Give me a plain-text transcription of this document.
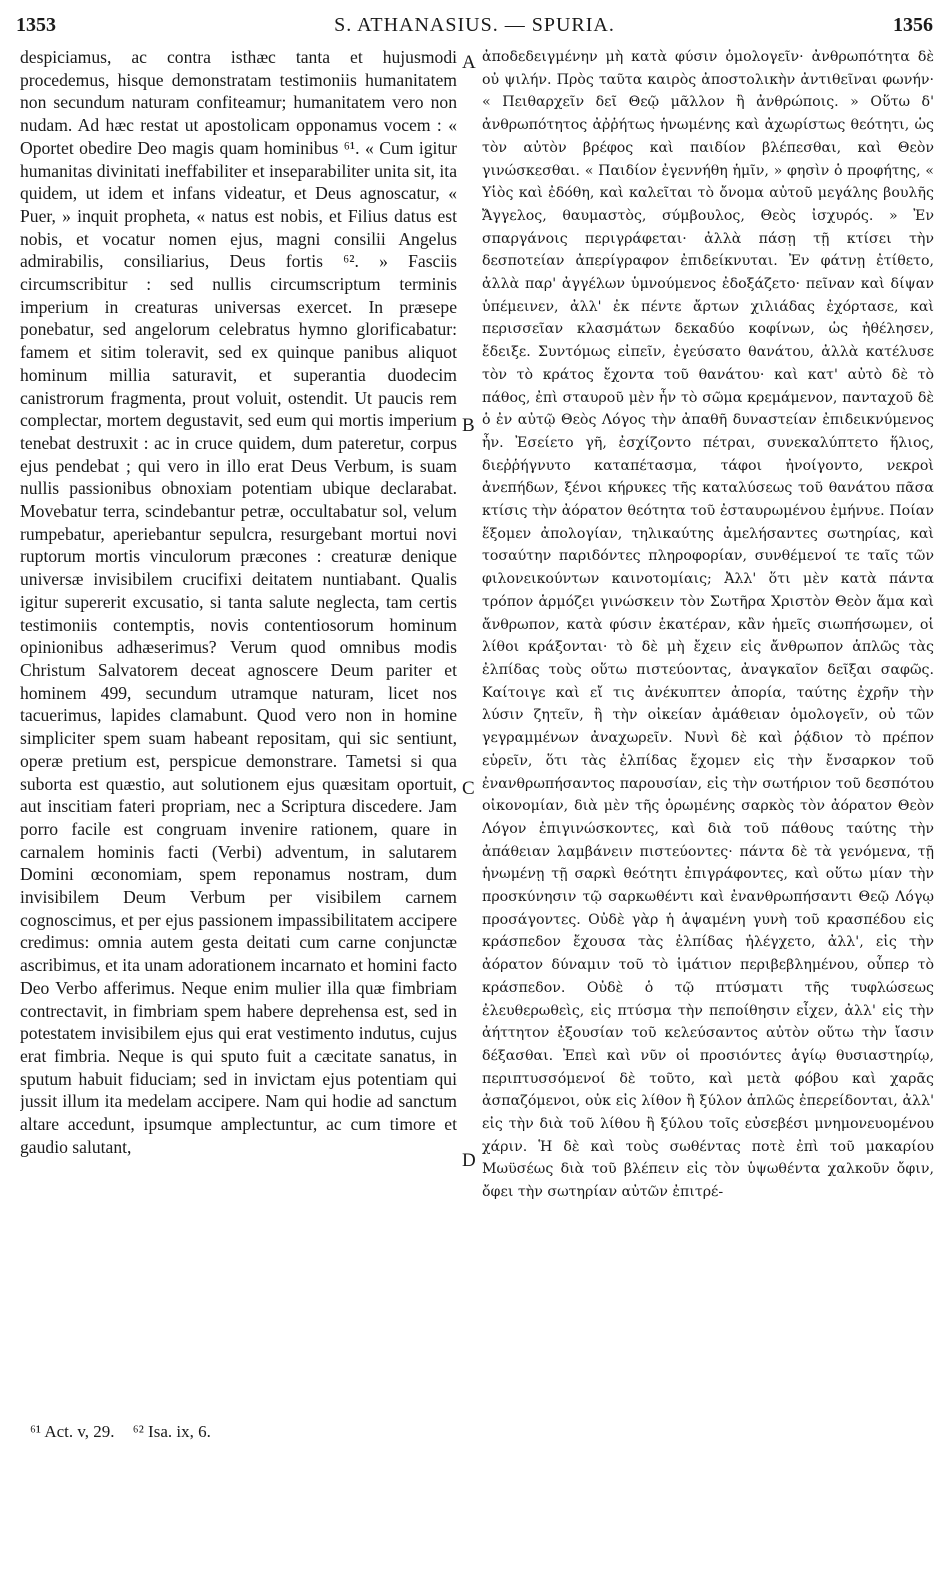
1353	S. ATHANASIUS. — SPURIA.	1356

despiciamus, ac contra isthæc tanta et hujusmodi procedemus, hisque demonstratam testimoniis humanitatem non secundum naturam confiteamur; humanitatem vero non nudam. Ad hæc restat ut apostolicam opponamus vocem : « Oportet obedire Deo magis quam hominibus ⁶¹. « Cum igitur humanitas divinitati ineffabiliter et inseparabiliter unita sit, ita quidem, ut idem et infans videatur, et Deus agnoscatur, « Puer, » inquit propheta, « natus est nobis, et Filius datus est nobis, et vocatur nomen ejus, magni consilii Angelus admirabilis, consiliarius, Deus fortis ⁶². » Fasciis circumscribitur : sed nullis circumscriptum terminis imperium in creaturas universas exercet. In præsepe ponebatur, sed angelorum celebratus hymno glorificabatur: famem et sitim toleravit, sed ex quinque panibus aliquot hominum millia saturavit, et superantia duodecim canistrorum fragmenta, prout voluit, ostendit. Ut paucis rem complectar, mortem degustavit, sed eum qui mortis imperium tenebat destruxit : ac in cruce quidem, dum pateretur, corpus ejus pendebat ; qui vero in illo erat Deus Verbum, is suam nullis passionibus obnoxiam potentiam ubique declarabat. Movebatur terra, scindebantur petræ, occultabatur sol, velum rumpebatur, aperiebantur sepulcra, resurgebant mortui novi ruptorum mortis vinculorum præcones : creaturæ denique universæ invisibilem crucifixi deitatem nuntiabant. Qualis igitur supererit excusatio, si tanta salute neglecta, tam certis testimoniis contemptis, novis contentiosorum hominum opinionibus adhæserimus? Verum quod omnibus modis Christum Salvatorem deceat agnoscere Deum pariter et hominem 499, secundum utramque naturam, licet nos tacuerimus, lapides clamabunt. Quod vero non in homine simpliciter spem suam habeant repositam, qui sic sentiunt, operæ pretium est, perspicue demonstrare. Tametsi si qua suborta est quæstio, aut solutionem ejus quæsitam oportuit, aut inscitiam fateri propriam, nec a Scriptura discedere. Jam porro facile est congruam invenire rationem, quare in carnalem hominis facti (Verbi) adventum, in salutarem Domini œconomiam, spem reponamus nostram, dum invisibilem Deum Verbum per visibilem carnem cognoscimus, et per ejus passionem impassibilitatem accipere credimus: omnia autem gesta deitati cum carne conjunctæ ascribimus, et ita unam adorationem incarnato et homini facto Deo Verbo afferimus. Neque enim mulier illa quæ fimbriam contrectavit, in fimbriam spem habere deprehensa est, sed in potestatem invisibilem ejus qui erat vestimento indutus, cujus erat fimbria. Neque is qui sputo fuit a cæcitate sanatus, in sputum habuit fiduciam; sed in invictam ejus potentiam qui jussit illum ita medelam accipere. Nam qui hodie ad sanctum altare accedunt, ipsumque amplectuntur, ac cum timore et gaudio salutant,

A
B
C
D

ἀποδεδειγμένην μὴ κατὰ φύσιν ὁμολογεῖν· ἀνθρωπότητα δὲ οὐ ψιλήν. Πρὸς ταῦτα καιρὸς ἀποστολικὴν ἀντιθεῖναι φωνήν· « Πειθαρχεῖν δεῖ Θεῷ μᾶλλον ἢ ἀνθρώποις. » Οὕτω δ' ἀνθρωπότητος ἀῤῥήτως ἡνωμένης καὶ ἀχωρίστως θεότητι, ὡς τὸν αὐτὸν βρέφος καὶ παιδίον βλέπεσθαι, καὶ Θεὸν γινώσκεσθαι. « Παιδίον ἐγεννήθη ἡμῖν, » φησὶν ὁ προφήτης, « Υἱὸς καὶ ἐδόθη, καὶ καλεῖται τὸ ὄνομα αὐτοῦ μεγάλης βουλῆς Ἄγγελος, θαυμαστὸς, σύμβουλος, Θεὸς ἰσχυρός. » Ἐν σπαργάνοις περιγράφεται· ἀλλὰ πάσῃ τῇ κτίσει τὴν δεσποτείαν ἀπερίγραφον ἐπιδείκνυται. Ἐν φάτνῃ ἐτίθετο, ἀλλὰ παρ' ἀγγέλων ὑμνούμενος ἐδοξάζετο· πεῖναν καὶ δίψαν ὑπέμεινεν, ἀλλ' ἐκ πέντε ἄρτων χιλιάδας ἐχόρτασε, καὶ περισσεῖαν κλασμάτων δεκαδύο κοφίνων, ὡς ἠθέλησεν, ἔδειξε. Συντόμως εἰπεῖν, ἐγεύσατο θανάτου, ἀλλὰ κατέλυσε τὸν τὸ κράτος ἔχοντα τοῦ θανάτου· καὶ κατ' αὐτὸ δὲ τὸ πάθος, ἐπὶ σταυροῦ μὲν ἦν τὸ σῶμα κρεμάμενον, πανταχοῦ δὲ ὁ ἐν αὐτῷ Θεὸς Λόγος τὴν ἀπαθῆ δυναστείαν ἐπιδεικνύμενος ἦν. Ἐσείετο γῆ, ἐσχίζοντο πέτραι, συνεκαλύπτετο ἥλιος, διεῤῥήγνυτο καταπέτασμα, τάφοι ἠνοίγοντο, νεκροὶ ἀνεπήδων, ξένοι κήρυκες τῆς καταλύσεως τοῦ θανάτου πᾶσα κτίσις τὴν ἀόρατον θεότητα τοῦ ἐσταυρωμένου ἐμήνυε. Ποίαν ἕξομεν ἀπολογίαν, τηλικαύτης ἀμελήσαντες σωτηρίας, καὶ τοσαύτην παριδόντες πληροφορίαν, συνθέμενοί τε ταῖς τῶν φιλονεικούντων καινοτομίαις; Ἀλλ' ὅτι μὲν κατὰ πάντα τρόπον ἁρμόζει γινώσκειν τὸν Σωτῆρα Χριστὸν Θεὸν ἅμα καὶ ἄνθρωπον, κατὰ φύσιν ἑκατέραν, κἂν ἡμεῖς σιωπήσωμεν, οἱ λίθοι κράξονται· τὸ δὲ μὴ ἔχειν εἰς ἄνθρωπον ἁπλῶς τὰς ἐλπίδας τοὺς οὕτω πιστεύοντας, ἀναγκαῖον δεῖξαι σαφῶς. Καίτοιγε καὶ εἴ τις ἀνέκυπτεν ἀπορία, ταύτης ἐχρῆν τὴν λύσιν ζητεῖν, ἢ τὴν οἰκείαν ἀμάθειαν ὁμολογεῖν, οὐ τῶν γεγραμμένων ἀναχωρεῖν. Νυνὶ δὲ καὶ ῥᾴδιον τὸ πρέπον εὑρεῖν, ὅτι τὰς ἐλπίδας ἔχομεν εἰς τὴν ἔνσαρκον τοῦ ἐνανθρωπήσαντος παρουσίαν, εἰς τὴν σωτήριον τοῦ δεσπότου οἰκονομίαν, διὰ μὲν τῆς ὁρωμένης σαρκὸς τὸν ἀόρατον Θεὸν Λόγον ἐπιγινώσκοντες, καὶ διὰ τοῦ πάθους ταύτης τὴν ἀπάθειαν λαμβάνειν πιστεύοντες· πάντα δὲ τὰ γενόμενα, τῇ ἡνωμένῃ τῇ σαρκὶ θεότητι ἐπιγράφοντες, καὶ οὕτω μίαν τὴν προσκύνησιν τῷ σαρκωθέντι καὶ ἐνανθρωπήσαντι Θεῷ Λόγῳ προσάγοντες. Οὐδὲ γὰρ ἡ ἁψαμένη γυνὴ τοῦ κρασπέδου εἰς κράσπεδον ἔχουσα τὰς ἐλπίδας ἠλέγχετο, ἀλλ', εἰς τὴν ἀόρατον δύναμιν τοῦ τὸ ἱμάτιον περιβεβλημένου, οὗπερ τὸ κράσπεδον. Οὐδὲ ὁ τῷ πτύσματι τῆς τυφλώσεως ἐλευθερωθεὶς, εἰς πτύσμα τὴν πεποίθησιν εἶχεν, ἀλλ' εἰς τὴν ἀήττητον ἐξουσίαν τοῦ κελεύσαντος αὐτὸν οὕτω τὴν ἴασιν δέξασθαι. Ἐπεὶ καὶ νῦν οἱ προσιόντες ἁγίῳ θυσιαστηρίῳ, περιπτυσσόμενοί δὲ τοῦτο, καὶ μετὰ φόβου καὶ χαρᾶς ἀσπαζόμενοι, οὐκ εἰς λίθον ἢ ξύλον ἁπλῶς ἐπερείδονται, ἀλλ' εἰς τὴν διὰ τοῦ λίθου ἢ ξύλου τοῖς εὐσεβέσι μνημονευομένου χάριν. Ἡ δὲ καὶ τοὺς σωθέντας ποτὲ ἐπὶ τοῦ μακαρίου Μωϋσέως διὰ τοῦ βλέπειν εἰς τὸν ὑψωθέντα χαλκοῦν ὄφιν, ὄφει τὴν σωτηρίαν αὐτῶν ἐπιτρέ-

⁶¹ Act. v, 29. ⁶² Isa. ix, 6.
